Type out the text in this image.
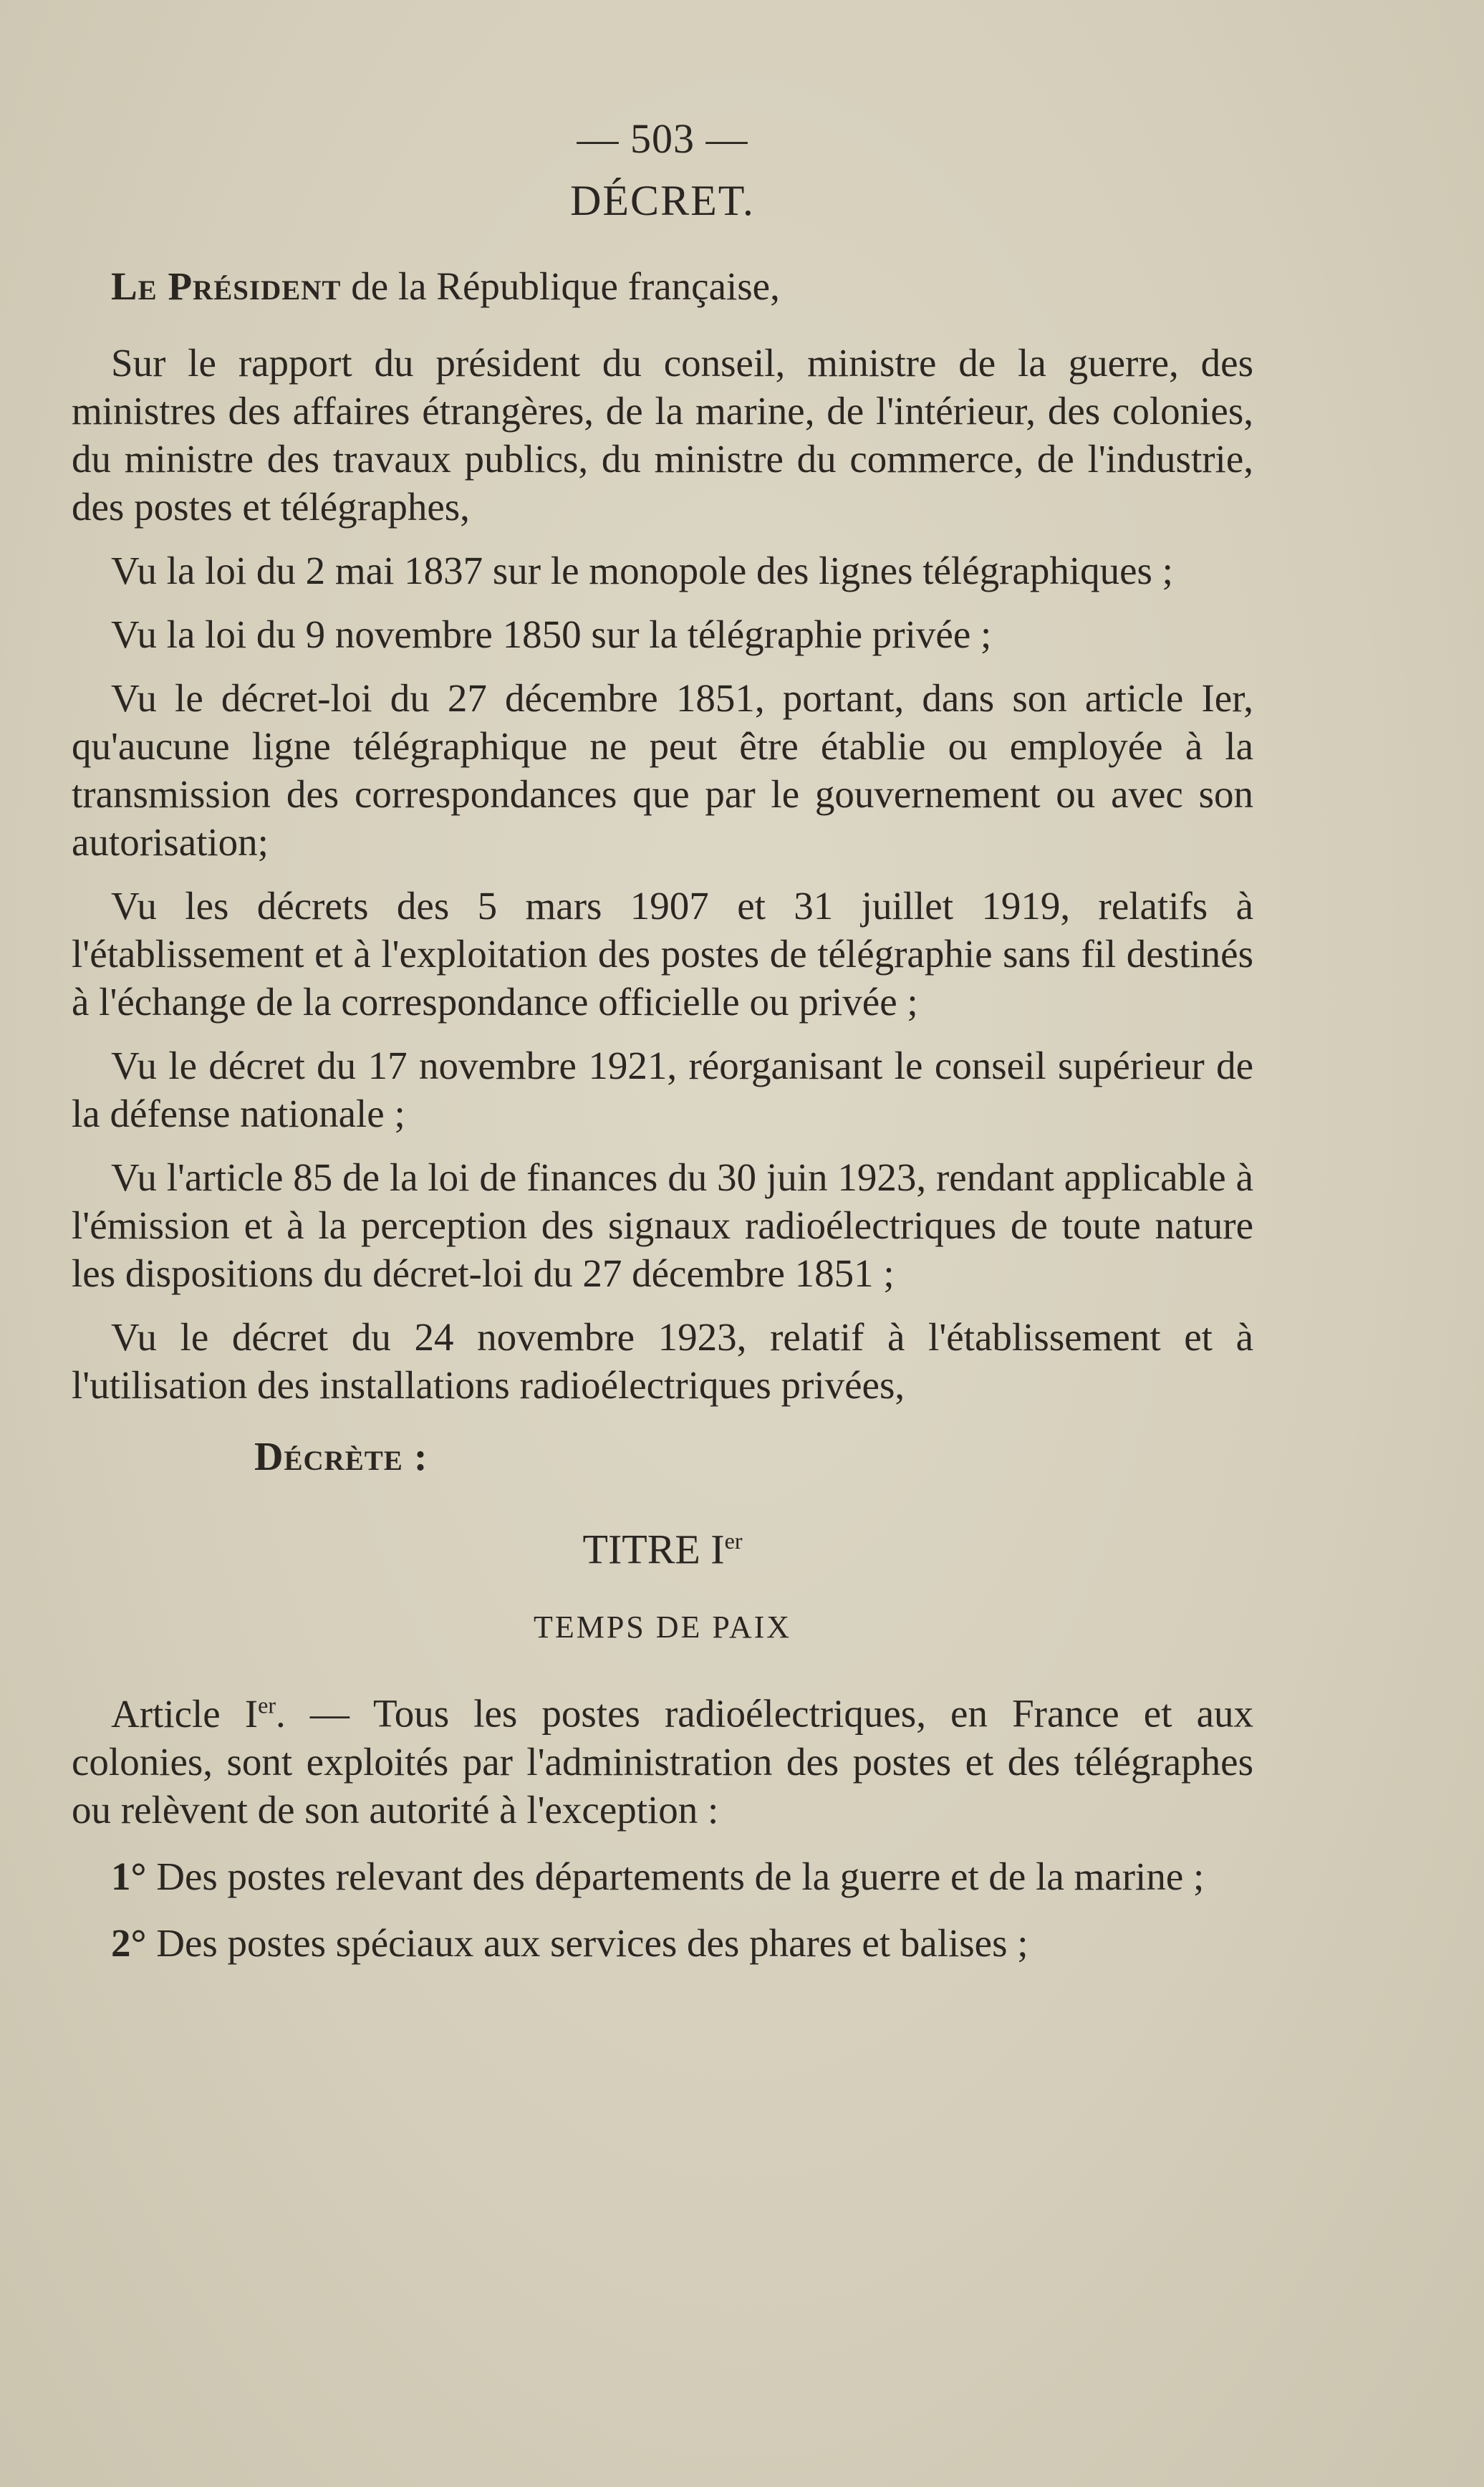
— 503 —
DÉCRET.

Le Président de la République française,

Sur le rapport du président du conseil, ministre de la guerre, des ministres des affaires étrangères, de la marine, de l'intérieur, des colonies, du ministre des travaux publics, du ministre du commerce, de l'industrie, des postes et télégraphes,

Vu la loi du 2 mai 1837 sur le monopole des lignes télégraphiques ;

Vu la loi du 9 novembre 1850 sur la télégraphie privée ;

Vu le décret-loi du 27 décembre 1851, portant, dans son article Ier, qu'aucune ligne télégraphique ne peut être établie ou employée à la transmission des correspondances que par le gouvernement ou avec son autorisation;

Vu les décrets des 5 mars 1907 et 31 juillet 1919, relatifs à l'établissement et à l'exploitation des postes de télégraphie sans fil destinés à l'échange de la correspondance officielle ou privée ;

Vu le décret du 17 novembre 1921, réorganisant le conseil supérieur de la défense nationale ;

Vu l'article 85 de la loi de finances du 30 juin 1923, rendant applicable à l'émission et à la perception des signaux radioélectriques de toute nature les dispositions du décret-loi du 27 décembre 1851 ;

Vu le décret du 24 novembre 1923, relatif à l'établissement et à l'utilisation des installations radioélectriques privées,

Décrète :
TITRE Ier
TEMPS DE PAIX

Article Ier. — Tous les postes radioélectriques, en France et aux colonies, sont exploités par l'administration des postes et des télégraphes ou relèvent de son autorité à l'exception :

1° Des postes relevant des départements de la guerre et de la marine ;

2° Des postes spéciaux aux services des phares et balises ;
